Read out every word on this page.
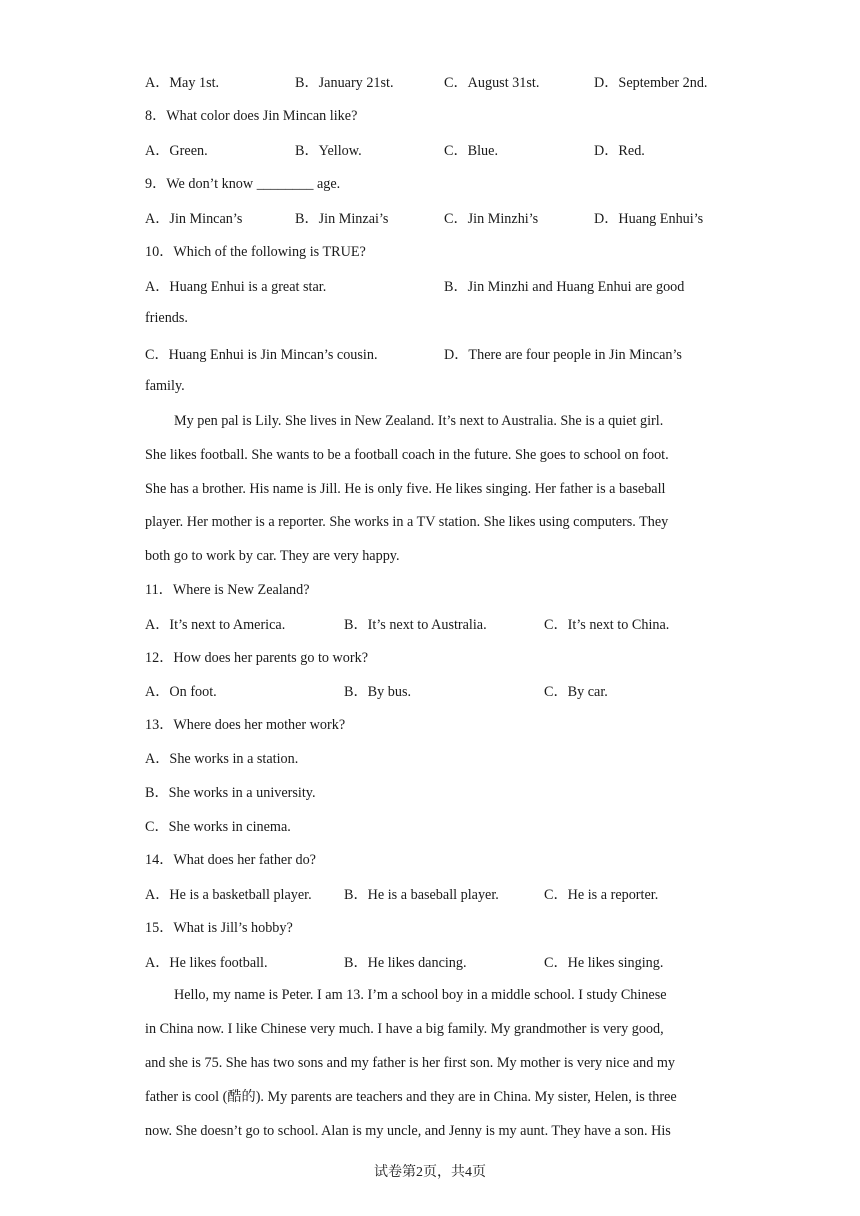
A．May 1st.	B．January 21st.	C．August 31st.	D．September 2nd.
8．What color does Jin Mincan like?
A．Green.	B．Yellow.	C．Blue.	D．Red.
9．We don’t know ________ age.
A．Jin Mincan’s	B．Jin Minzai’s	C．Jin Minzhi’s	D．Huang Enhui’s
10．Which of the following is TRUE?
A．Huang Enhui is a great star.	B．Jin Minzhi and Huang Enhui are good
friends.
C．Huang Enhui is Jin Mincan’s cousin.	D．There are four people in Jin Mincan’s
family.
My pen pal is Lily. She lives in New Zealand. It’s next to Australia. She is a quiet girl.
She likes football. She wants to be a football coach in the future. She goes to school on foot.
She has a brother. His name is Jill. He is only five. He likes singing. Her father is a baseball
player. Her mother is a reporter. She works in a TV station. She likes using computers. They
both go to work by car. They are very happy.
11．Where is New Zealand?
A．It’s next to America.	B．It’s next to Australia.	C．It’s next to China.
12．How does her parents go to work?
A．On foot.	B．By bus.	C．By car.
13．Where does her mother work?
A．She works in a station.
B．She works in a university.
C．She works in cinema.
14．What does her father do?
A．He is a basketball player. B．He is a baseball player.	C．He is a reporter.
15．What is Jill’s hobby?
A．He likes football.	B．He likes dancing.	C．He likes singing.
Hello, my name is Peter. I am 13. I’m a school boy in a middle school. I study Chinese
in China now. I like Chinese very much. I have a big family. My grandmother is very good,
and she is 75. She has two sons and my father is her first son. My mother is very nice and my
father is cool (酷的). My parents are teachers and they are in China. My sister, Helen, is three
now. She doesn’t go to school. Alan is my uncle, and Jenny is my aunt. They have a son. His
试卷第2页，共4页
